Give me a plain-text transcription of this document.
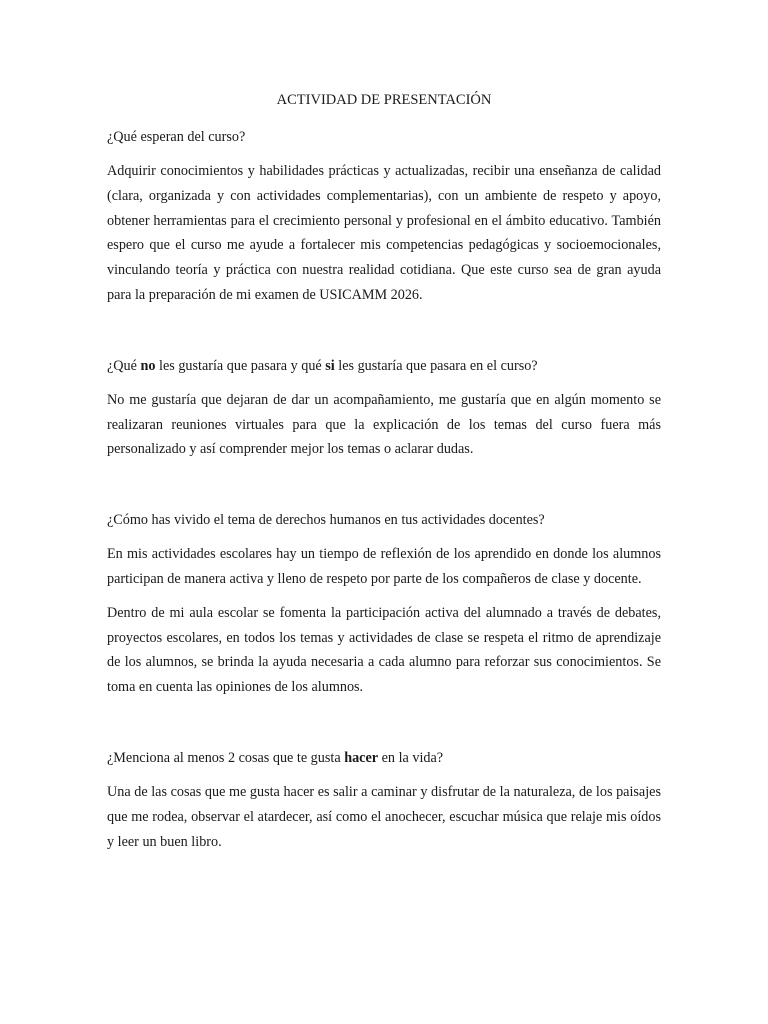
ACTIVIDAD DE PRESENTACIÓN

¿Qué esperan del curso?

Adquirir conocimientos y habilidades prácticas y actualizadas, recibir una enseñanza de calidad (clara, organizada y con actividades complementarias), con un ambiente de respeto y apoyo, obtener herramientas para el crecimiento personal y profesional en el ámbito educativo. También espero que el curso me ayude a fortalecer mis competencias pedagógicas y socioemocionales, vinculando teoría y práctica con nuestra realidad cotidiana. Que este curso sea de gran ayuda para la preparación de mi examen de USICAMM 2026.

¿Qué no les gustaría que pasara y qué si les gustaría que pasara en el curso?

No me gustaría que dejaran de dar un acompañamiento, me gustaría que en algún momento se realizaran reuniones virtuales para que la explicación de los temas del curso fuera más personalizado y así comprender mejor los temas o aclarar dudas.

¿Cómo has vivido el tema de derechos humanos en tus actividades docentes?

En mis actividades escolares hay un tiempo de reflexión de los aprendido en donde los alumnos participan de manera activa y lleno de respeto por parte de los compañeros de clase y docente.

Dentro de mi aula escolar se fomenta la participación activa del alumnado a través de debates, proyectos escolares, en todos los temas y actividades de clase se respeta el ritmo de aprendizaje de los alumnos, se brinda la ayuda necesaria a cada alumno para reforzar sus conocimientos. Se toma en cuenta las opiniones de los alumnos.

¿Menciona al menos 2 cosas que te gusta hacer en la vida?

Una de las cosas que me gusta hacer es salir a caminar y disfrutar de la naturaleza, de los paisajes que me rodea, observar el atardecer, así como el anochecer, escuchar música que relaje mis oídos y leer un buen libro.
